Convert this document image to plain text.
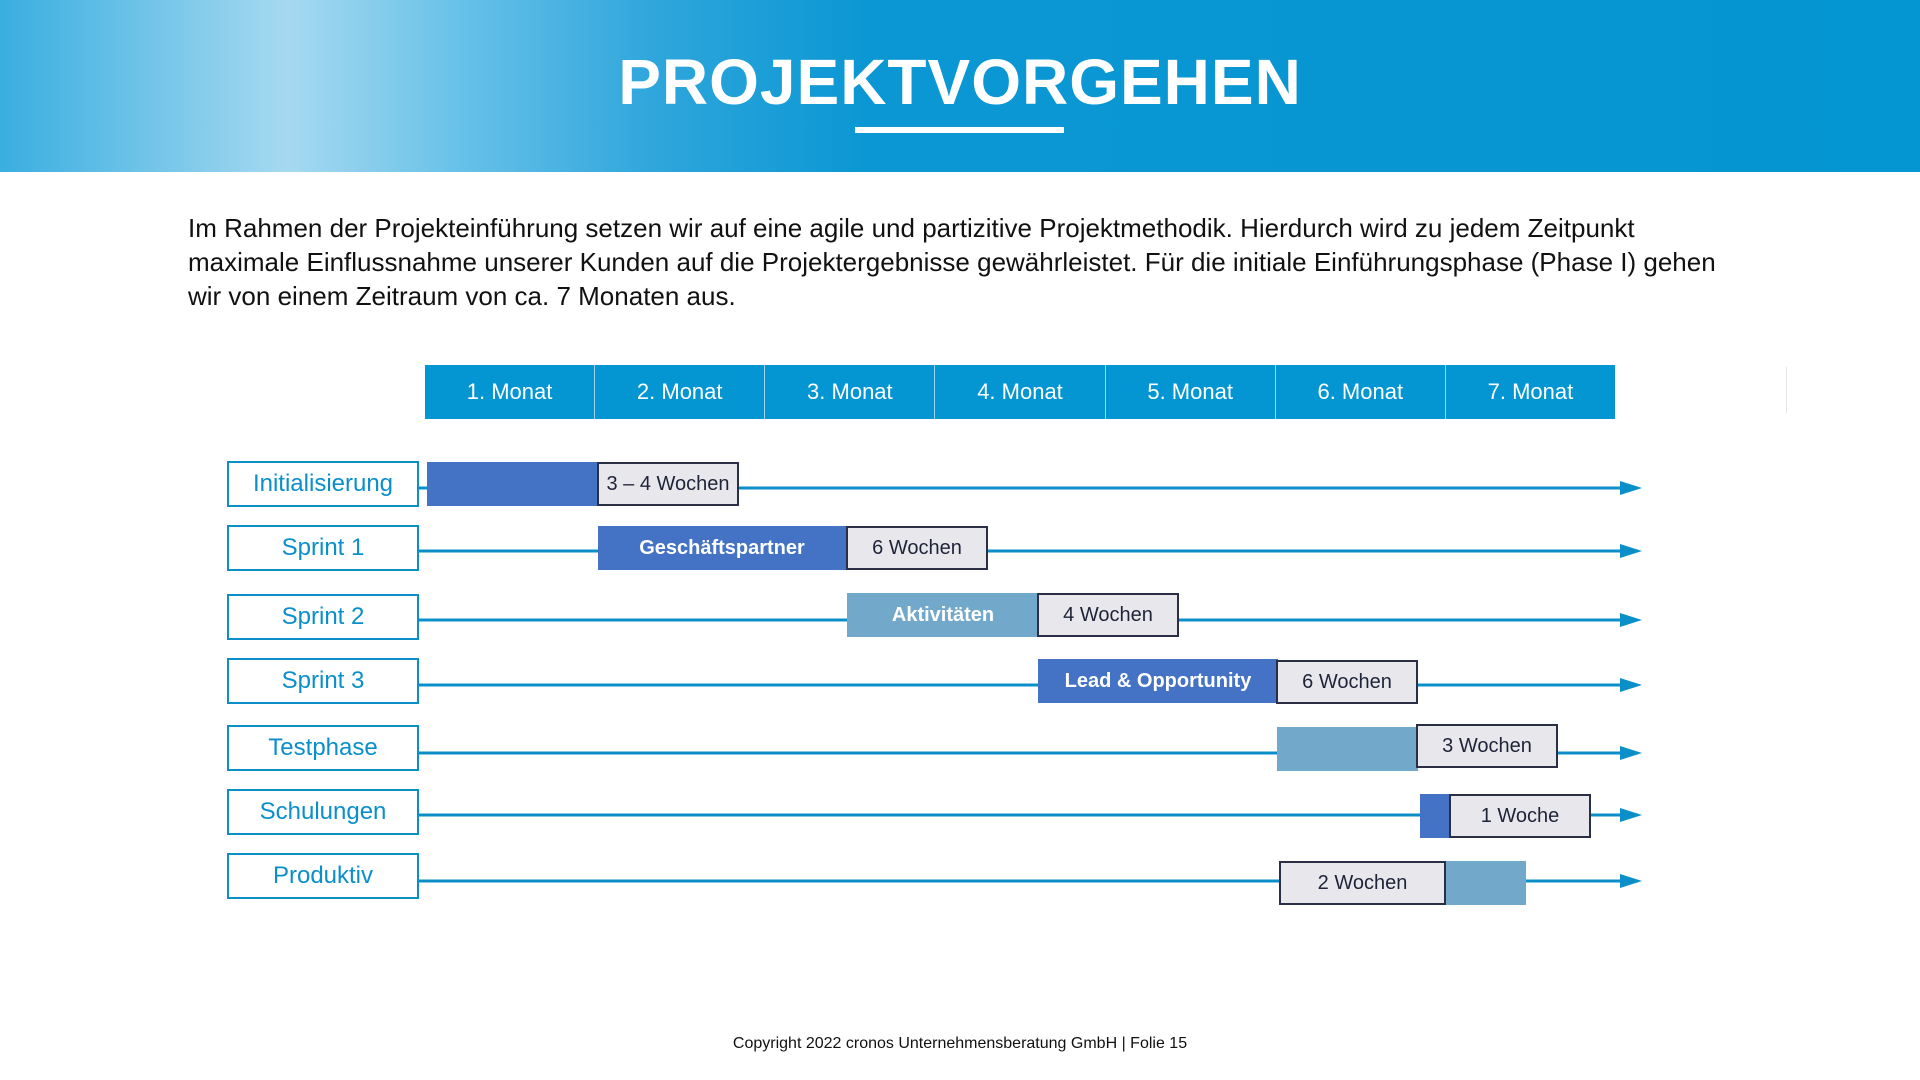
PROJEKTVORGEHEN
Im Rahmen der Projekteinführung setzen wir auf eine agile und partizitive Projektmethodik. Hierdurch wird zu jedem Zeitpunkt maximale Einflussnahme unserer Kunden auf die Projektergebnisse gewährleistet. Für die initiale Einführungsphase (Phase I) gehen wir von einem Zeitraum von ca. 7 Monaten aus.
1. Monat	2. Monat	3. Monat	4. Monat	5. Monat	6. Monat	7. Monat
Initialisierung
Sprint 1
Sprint 2
Sprint 3
Testphase
Schulungen
Produktiv
Geschäftspartner
Aktivitäten
Lead & Opportunity
3 – 4 Wochen
6 Wochen
4 Wochen
6 Wochen
3 Wochen
1 Woche
2 Wochen
Copyright 2022 cronos Unternehmensberatung GmbH | Folie 15
